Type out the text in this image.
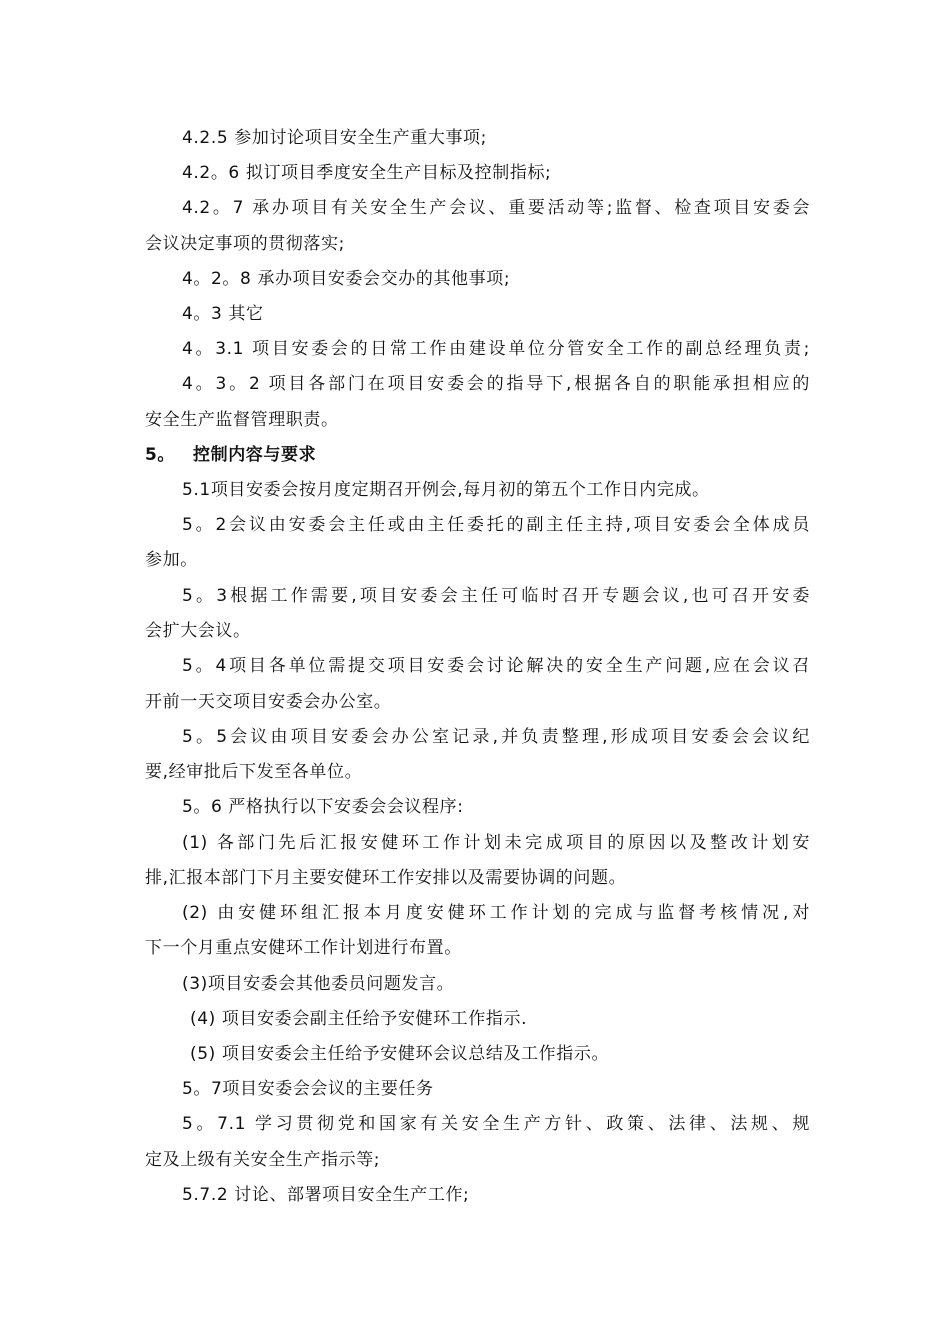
4.2.5 参加讨论项目安全生产重大事项;
4.2。6 拟订项目季度安全生产目标及控制指标;
4.2。7 承办项目有关安全生产会议、重要活动等;监督、检查项目安委会
会议决定事项的贯彻落实;
4。2。8 承办项目安委会交办的其他事项;
4。3 其它
4。3.1 项目安委会的日常工作由建设单位分管安全工作的副总经理负责;
4。3。2 项目各部门在项目安委会的指导下,根据各自的职能承担相应的
安全生产监督管理职责。
5。 控制内容与要求
5.1项目安委会按月度定期召开例会,每月初的第五个工作日内完成。
5。2会议由安委会主任或由主任委托的副主任主持,项目安委会全体成员
参加。
5。3根据工作需要,项目安委会主任可临时召开专题会议,也可召开安委
会扩大会议。
5。4项目各单位需提交项目安委会讨论解决的安全生产问题,应在会议召
开前一天交项目安委会办公室。
5。5会议由项目安委会办公室记录,并负责整理,形成项目安委会会议纪
要,经审批后下发至各单位。
5。6 严格执行以下安委会会议程序:
(1) 各部门先后汇报安健环工作计划未完成项目的原因以及整改计划安
排,汇报本部门下月主要安健环工作安排以及需要协调的问题。
(2) 由安健环组汇报本月度安健环工作计划的完成与监督考核情况,对
下一个月重点安健环工作计划进行布置。
(3)项目安委会其他委员问题发言。
(4) 项目安委会副主任给予安健环工作指示.
(5) 项目安委会主任给予安健环会议总结及工作指示。
5。7项目安委会会议的主要任务
5。7.1 学习贯彻党和国家有关安全生产方针、政策、法律、法规、规
定及上级有关安全生产指示等;
5.7.2 讨论、部署项目安全生产工作;
